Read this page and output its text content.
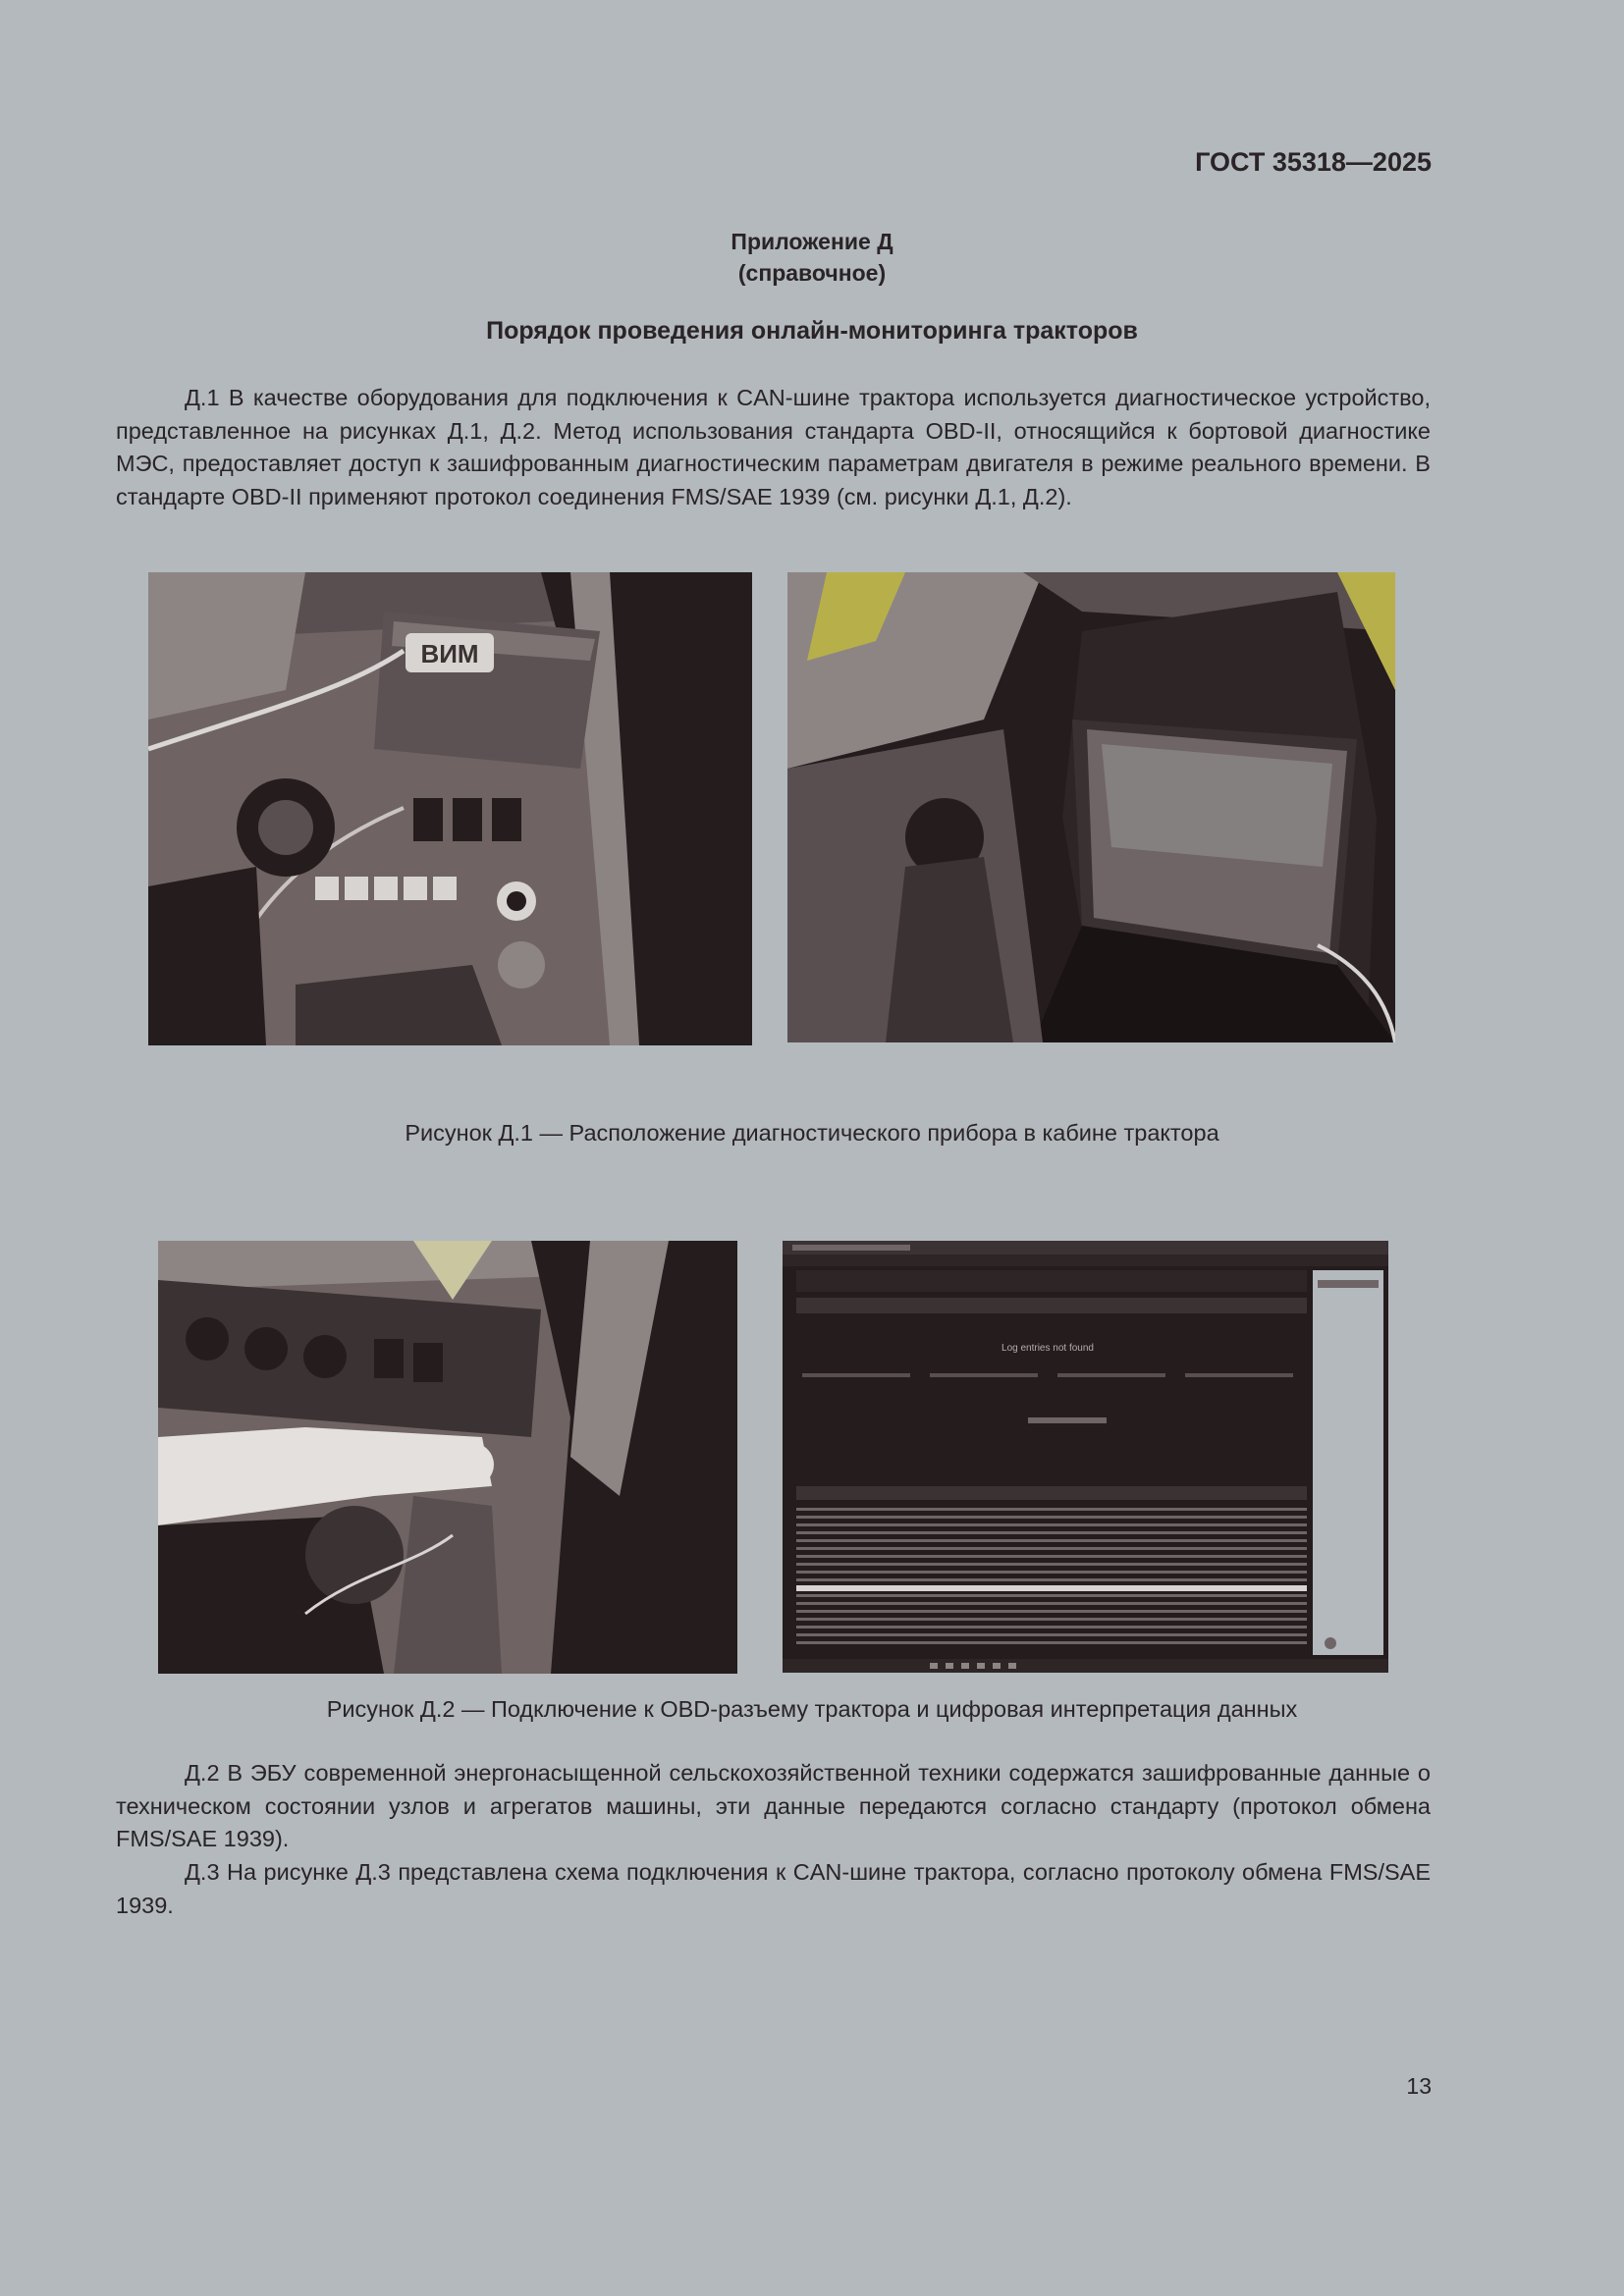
ГОСТ 35318—2025
Приложение Д
(справочное)
Порядок проведения онлайн-мониторинга тракторов

Д.1 В качестве оборудования для подключения к CAN-шине трактора используется диагностическое устройство, представленное на рисунках Д.1, Д.2. Метод использования стандарта OBD-II, относящийся к бортовой диагностике МЭС, предоставляет доступ к зашифрованным диагностическим параметрам двигателя в режиме реального времени. В стандарте OBD-II применяют протокол соединения FMS/SAE 1939 (см. рисунки Д.1, Д.2).

ВИМ
Рисунок Д.1 — Расположение диагностического прибора в кабине трактора
Log entries not found
Рисунок Д.2 — Подключение к OBD-разъему трактора и цифровая интерпретация данных

Д.2 В ЭБУ современной энергонасыщенной сельскохозяйственной техники содержатся зашифрованные данные о техническом состоянии узлов и агрегатов машины, эти данные передаются согласно стандарту (протокол обмена FMS/SAE 1939).

Д.3 На рисунке Д.3 представлена схема подключения к CAN-шине трактора, согласно протоколу обмена FMS/SAE 1939.

13
